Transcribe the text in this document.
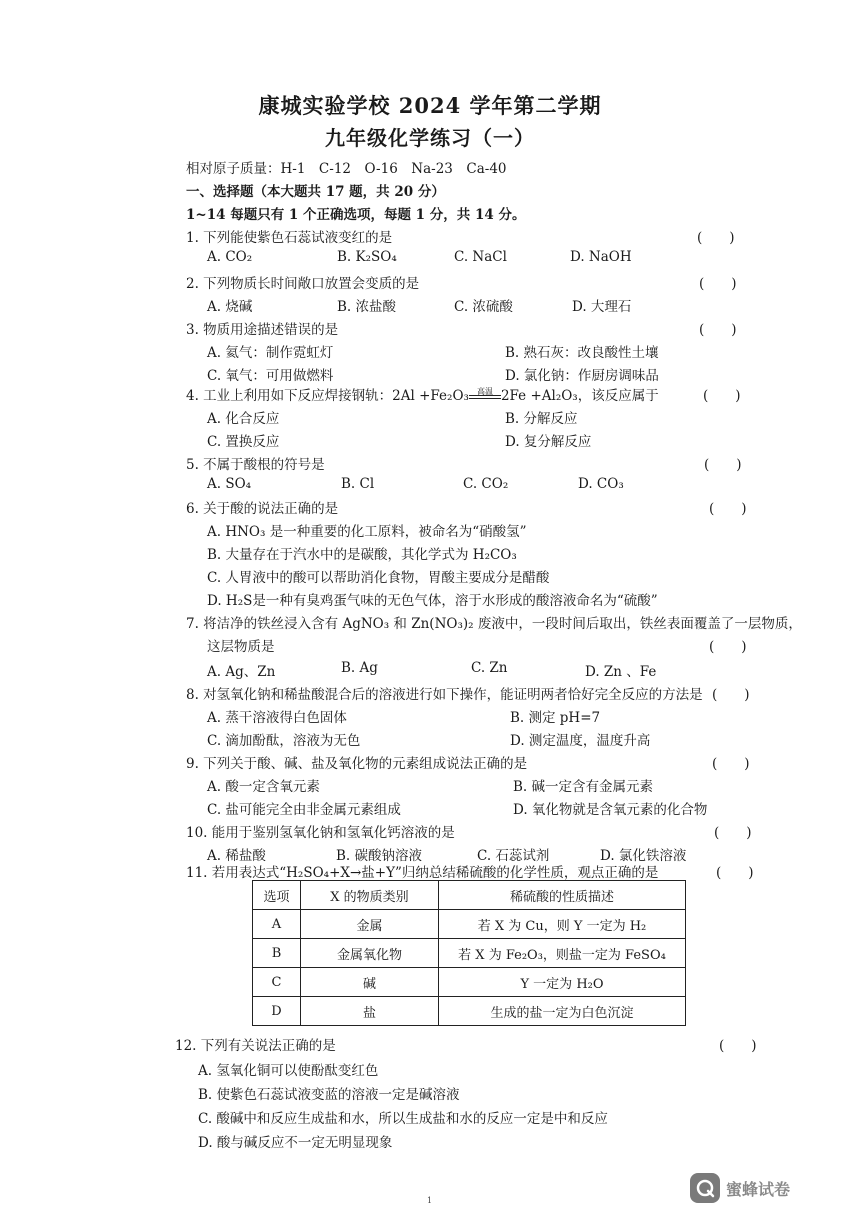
康城实验学校 2024 学年第二学期
九年级化学练习（一）
相对原子质量：H-1　C-12　O-16　Na-23　Ca-40
一、选择题（本大题共 17 题，共 20 分）
1~14 每题只有 1 个正确选项，每题 1 分，共 14 分。
1. 下列能使紫色石蕊试液变红的是	(　　)
A. CO₂	B. K₂SO₄	C. NaCl	D. NaOH
2. 下列物质长时间敞口放置会变质的是	(　　)
A. 烧碱	B. 浓盐酸	C. 浓硫酸	D. 大理石
3. 物质用途描述错误的是	(　　)
A. 氦气：制作霓虹灯	B. 熟石灰：改良酸性土壤
C. 氧气：可用做燃料	D. 氯化钠：作厨房调味品
4. 工业上利用如下反应焊接钢轨：2Al +Fe₂O₃	高温 2Fe +Al₂O₃，该反应属于	(　　)
A. 化合反应	B. 分解反应
C. 置换反应	D. 复分解反应
5. 不属于酸根的符号是	(　　)
A. SO₄	B. Cl	C. CO₂	D. CO₃
6. 关于酸的说法正确的是	(　　)
A. HNO₃ 是一种重要的化工原料，被命名为“硝酸氢”
B. 大量存在于汽水中的是碳酸，其化学式为 H₂CO₃
C. 人胃液中的酸可以帮助消化食物，胃酸主要成分是醋酸
D. H₂S是一种有臭鸡蛋气味的无色气体，溶于水形成的酸溶液命名为“硫酸”
7. 将洁净的铁丝浸入含有 AgNO₃ 和 Zn(NO₃)₂ 废液中，一段时间后取出，铁丝表面覆盖了一层物质，
这层物质是	(　　)
A. Ag、Zn	B. Ag	C. Zn	D. Zn 、Fe
8. 对氢氧化钠和稀盐酸混合后的溶液进行如下操作，能证明两者恰好完全反应的方法是 (　　)
A. 蒸干溶液得白色固体	B. 测定 pH=7
C. 滴加酚酞，溶液为无色	D. 测定温度，温度升高
9. 下列关于酸、碱、盐及氧化物的元素组成说法正确的是	(　　)
A. 酸一定含氧元素	B. 碱一定含有金属元素
C. 盐可能完全由非金属元素组成	D. 氧化物就是含氧元素的化合物
10. 能用于鉴别氢氧化钠和氢氧化钙溶液的是	(　　)
A. 稀盐酸	B. 碳酸钠溶液	C. 石蕊试剂	D. 氯化铁溶液
11. 若用表达式“H₂SO₄+X→盐+Y”归纳总结稀硫酸的化学性质，观点正确的是	(　　)
选项	X 的物质类别	稀硫酸的性质描述
A	金属	若 X 为 Cu，则 Y 一定为 H₂
B	金属氧化物	若 X 为 Fe₂O₃，则盐一定为 FeSO₄
C	碱	Y 一定为 H₂O
D	盐	生成的盐一定为白色沉淀
12. 下列有关说法正确的是	(　　)
A. 氢氧化铜可以使酚酞变红色
B. 使紫色石蕊试液变蓝的溶液一定是碱溶液
C. 酸碱中和反应生成盐和水，所以生成盐和水的反应一定是中和反应
D. 酸与碱反应不一定无明显现象
1
蜜蜂试卷
